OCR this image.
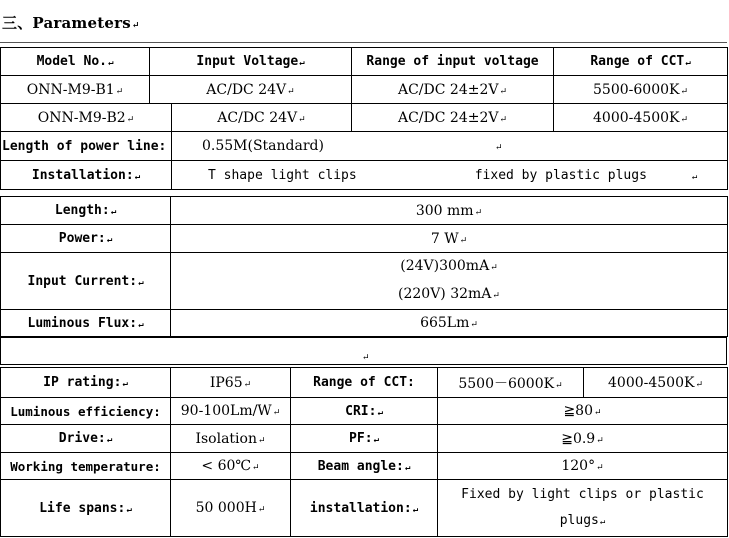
三、Parameters↵
Model No.↵	Input Voltage↵		Range of input voltage	Range of CCT↵
ONN-M9-B1↵	AC/DC 24V↵		AC/DC 24±2V↵	5500-6000K↵
ONN-M9-B2↵		AC/DC 24V↵	AC/DC 24±2V↵	4000-4500K↵
Length of power line:		0.55M(Standard) ↵		
Installation:↵		T shape light clips fixed by plastic plugs ↵		
Length:↵	300 mm↵
Power:↵	7 W↵
Input Current:↵	(24V)300mA↵
(220V) 32mA↵

Luminous Flux:↵	665Lm↵
↵
IP rating:↵	IP65↵	Range of CCT:	5500－6000K↵	4000-4500K↵
Luminous efficiency:	90-100Lm/W↵	CRI:↵	≧80↵	
Drive:↵	Isolation↵	PF:↵	≧0.9↵	
Working temperature:	< 60℃↵	Beam angle:↵	120°↵	
Life spans:↵	50 000H↵	installation:↵	Fixed by light clips or plastic
plugs↵	
